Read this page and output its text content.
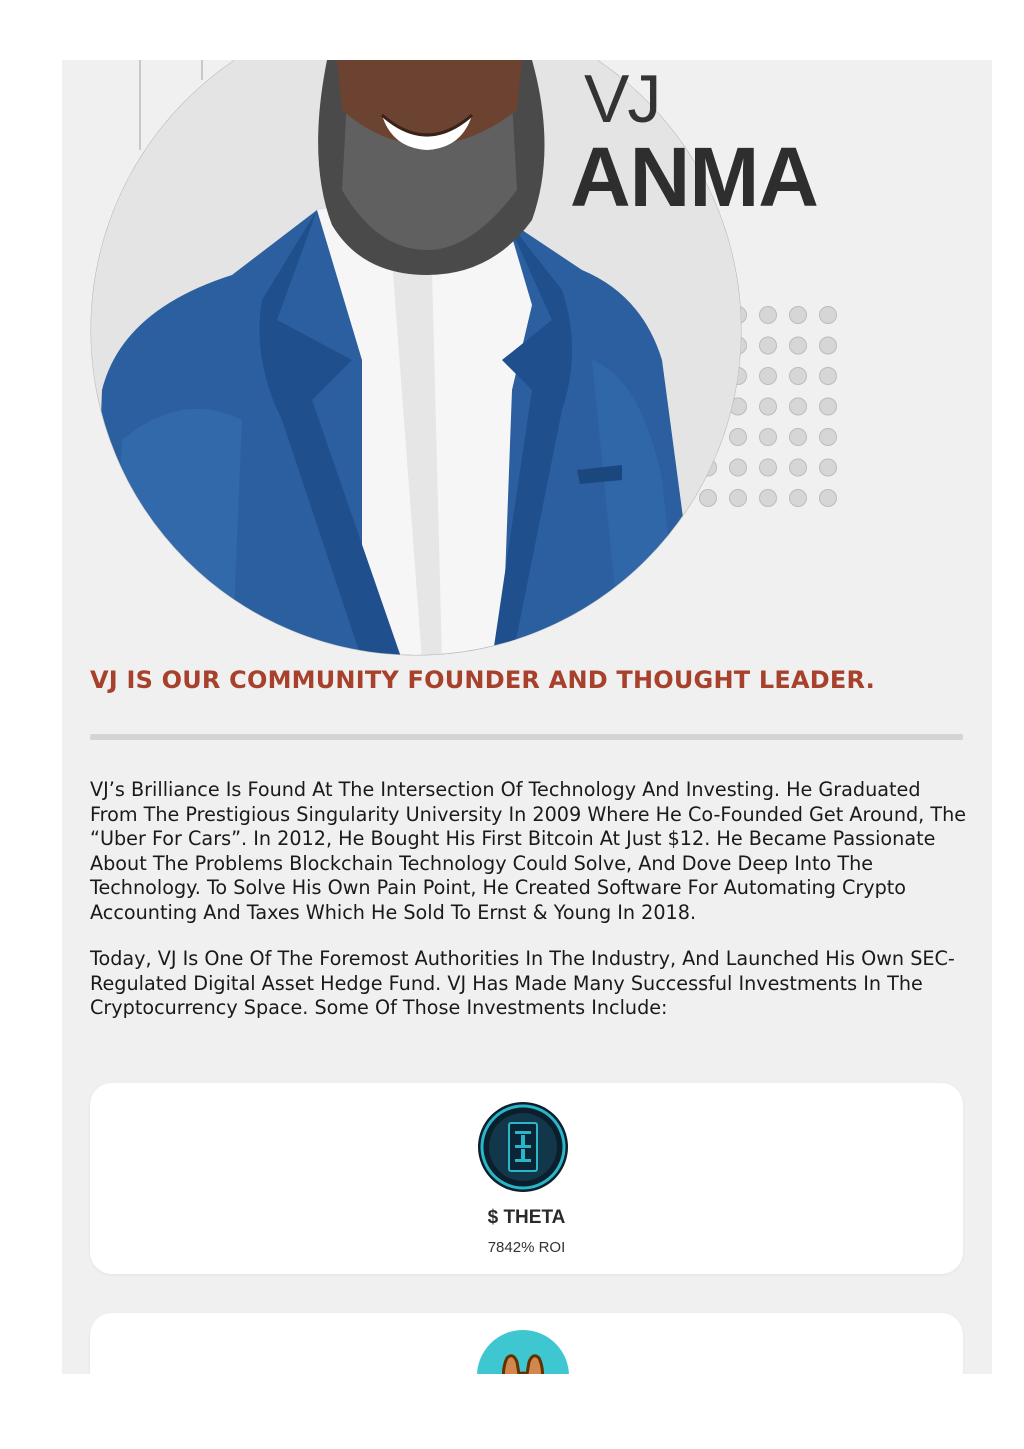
VJ
ANMA
VJ IS OUR COMMUNITY FOUNDER AND THOUGHT LEADER.

VJ’s Brilliance Is Found At The Intersection Of Technology And Investing. He Graduated From The Prestigious Singularity University In 2009 Where He Co-Founded Get Around, The “Uber For Cars”. In 2012, He Bought His First Bitcoin At Just $12. He Became Passionate About The Problems Blockchain Technology Could Solve, And Dove Deep Into The Technology. To Solve His Own Pain Point, He Created Software For Automating Crypto Accounting And Taxes Which He Sold To Ernst & Young In 2018.

Today, VJ Is One Of The Foremost Authorities In The Industry, And Launched His Own SEC-Regulated Digital Asset Hedge Fund. VJ Has Made Many Successful Investments In The Cryptocurrency Space. Some Of Those Investments Include:

$ THETA
7842% ROI
